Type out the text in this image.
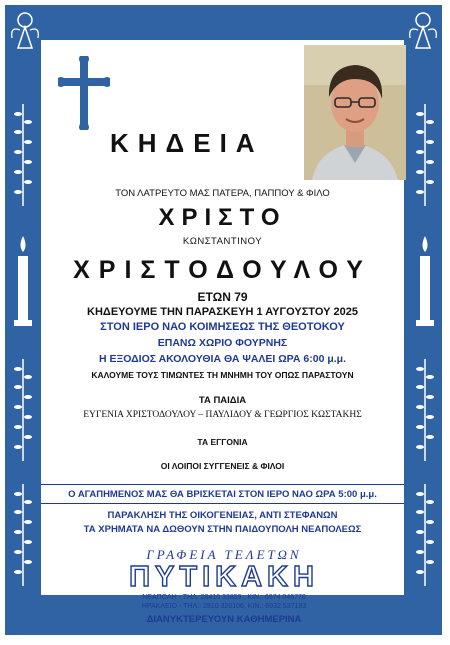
ΚΗΔΕΙΑ
ΤΟΝ ΛΑΤΡΕΥΤΟ ΜΑΣ ΠΑΤΕΡΑ, ΠΑΠΠΟΥ & ΦΙΛΟ
ΧΡΙΣΤΟ
ΚΩΝΣΤΑΝΤΙΝΟΥ
ΧΡΙΣΤΟΔΟΥΛΟΥ
ΕΤΩΝ 79
ΚΗΔΕΥΟΥΜΕ ΤΗΝ ΠΑΡΑΣΚΕΥΗ 1 ΑΥΓΟΥΣΤΟΥ 2025
ΣΤΟΝ ΙΕΡΟ ΝΑΟ ΚΟΙΜΗΣΕΩΣ ΤΗΣ ΘΕΟΤΟΚΟΥ
ΕΠΑΝΩ ΧΩΡΙΟ ΦΟΥΡΝΗΣ
Η ΕΞΟΔΙΟΣ ΑΚΟΛΟΥΘΙΑ ΘΑ ΨΑΛΕΙ ΩΡΑ 6:00 μ.μ.
ΚΑΛΟΥΜΕ ΤΟΥΣ ΤΙΜΩΝΤΕΣ ΤΗ ΜΝΗΜΗ ΤΟΥ ΟΠΩΣ ΠΑΡΑΣΤΟΥΝ
ΤΑ ΠΑΙΔΙΑ
ΕΥΓΕΝΙΑ ΧΡΙΣΤΟΔΟΥΛΟΥ – ΠΑΥΛΙΔΟΥ & ΓΕΩΡΓΙΟΣ ΚΩΣΤΑΚΗΣ
ΤΑ ΕΓΓΟΝΙΑ
ΟΙ ΛΟΙΠΟΙ ΣΥΓΓΕΝΕΙΣ & ΦΙΛΟΙ
Ο ΑΓΑΠΗΜΕΝΟΣ ΜΑΣ ΘΑ ΒΡΙΣΚΕΤΑΙ ΣΤΟΝ ΙΕΡΟ ΝΑΟ ΩΡΑ 5:00 μ.μ.
ΠΑΡΑΚΛΗΣΗ ΤΗΣ ΟΙΚΟΓΕΝΕΙΑΣ, ΑΝΤΙ ΣΤΕΦΑΝΩΝ
ΤΑ ΧΡΗΜΑΤΑ ΝΑ ΔΩΘΟΥΝ ΣΤΗΝ ΠΑΙΔΟΥΠΟΛΗ ΝΕΑΠΟΛΕΩΣ
ΓΡΑΦΕΙΑ ΤΕΛΕΤΩΝ
ΠΥΤΙΚΑΚΗ
ΝΕΑΠΟΛΗ - ΤΗΛ. 28410 33859 , ΚΙΝ.: 6974 046770
ΗΡΑΚΛΕΙΟ - ΤΗΛ.: 2810 320106, ΚΙΝ.: 6932 537193
ΔΙΑΝΥΚΤΕΡΕΥΟΥΝ ΚΑΘΗΜΕΡΙΝΑ
